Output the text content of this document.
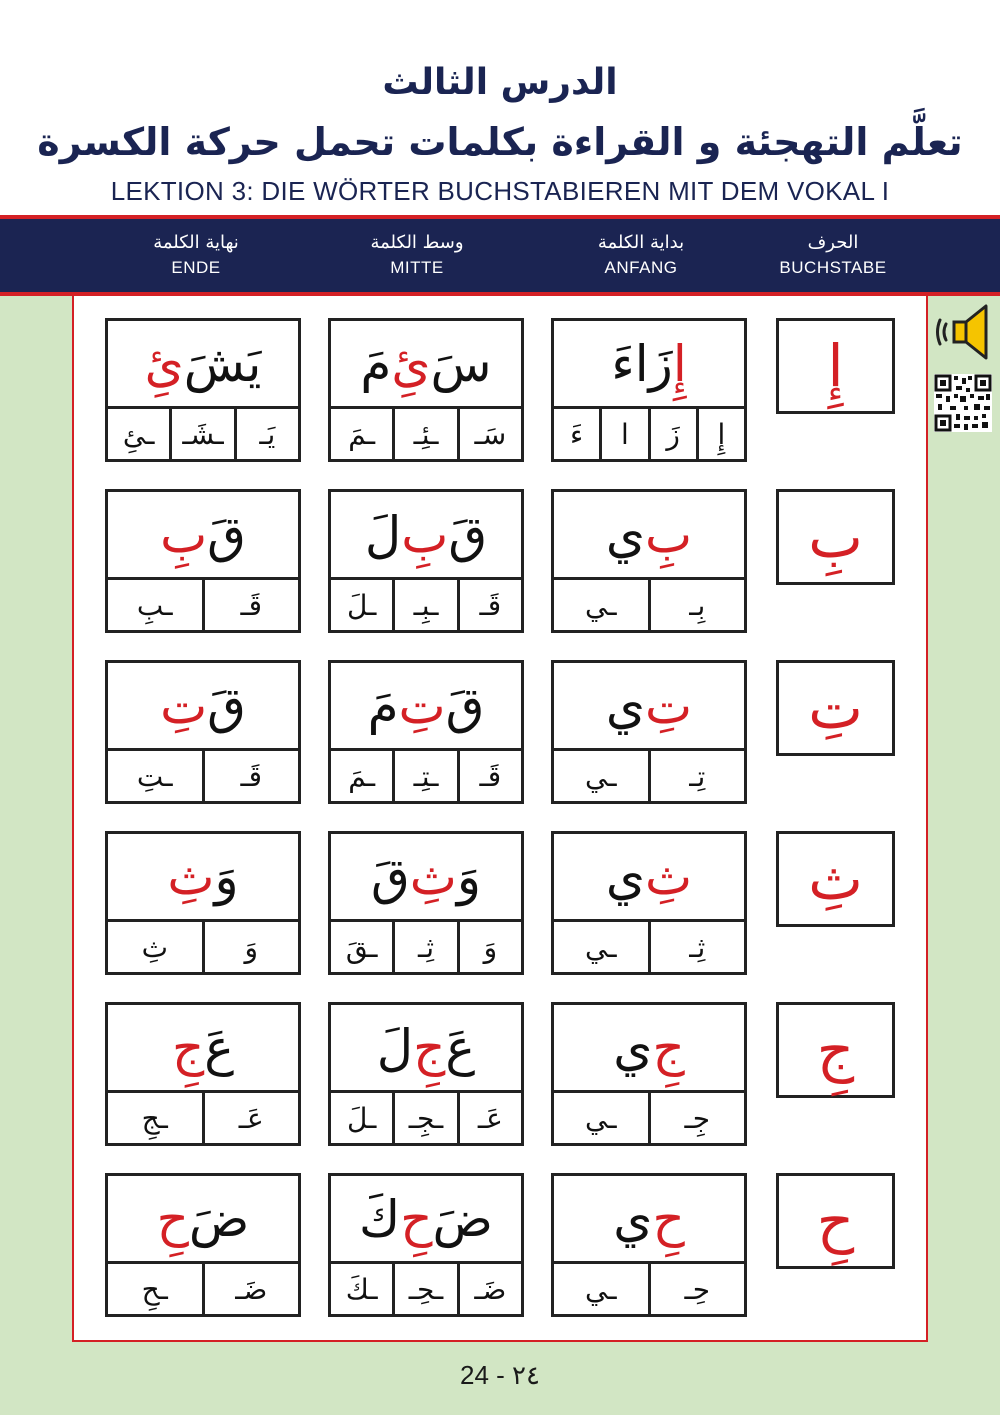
الدرس الثالث
تعلَّم التهجئة و القراءة بكلمات تحمل حركة الكسرة
LEKTION 3: DIE WÖRTER BUCHSTABIEREN MIT DEM VOKAL I
الحرف
BUCHSTABE
بداية الكلمة
ANFANG
وسط الكلمة
MITTE
نهاية الكلمة
ENDE
إِ
إِ
زَاءَ
إِ
زَ
ا
ءَ
سَ
ئِ
مَ
سَـ
ـئِـ
ـمَ
يَشَ
ئِ
يَـ
ـشَـ
ـئِ
بِ
بِ
ي
بِـ
ـي
قَ
بِ
لَ
قَـ
ـبِـ
ـلَ
قَ
بِ
قَـ
ـبِ
تِ
تِ
ي
تِـ
ـي
قَ
تِ
مَ
قَـ
ـتِـ
ـمَ
قَ
تِ
قَـ
ـتِ
ثِ
ثِ
ي
ثِـ
ـي
وَ
ثِ
قَ
وَ
ثِـ
ـقَ
وَ
ثِ
وَ
ثِ
جِ
جِ
ي
جِـ
ـي
عَ
جِ
لَ
عَـ
ـجِـ
ـلَ
عَ
جِ
عَـ
ـجِ
حِ
حِ
ي
حِـ
ـي
ضَ
حِ
كَ
ضَـ
ـحِـ
ـكَ
ضَ
حِ
ضَـ
ـحِ
24 - ٢٤
